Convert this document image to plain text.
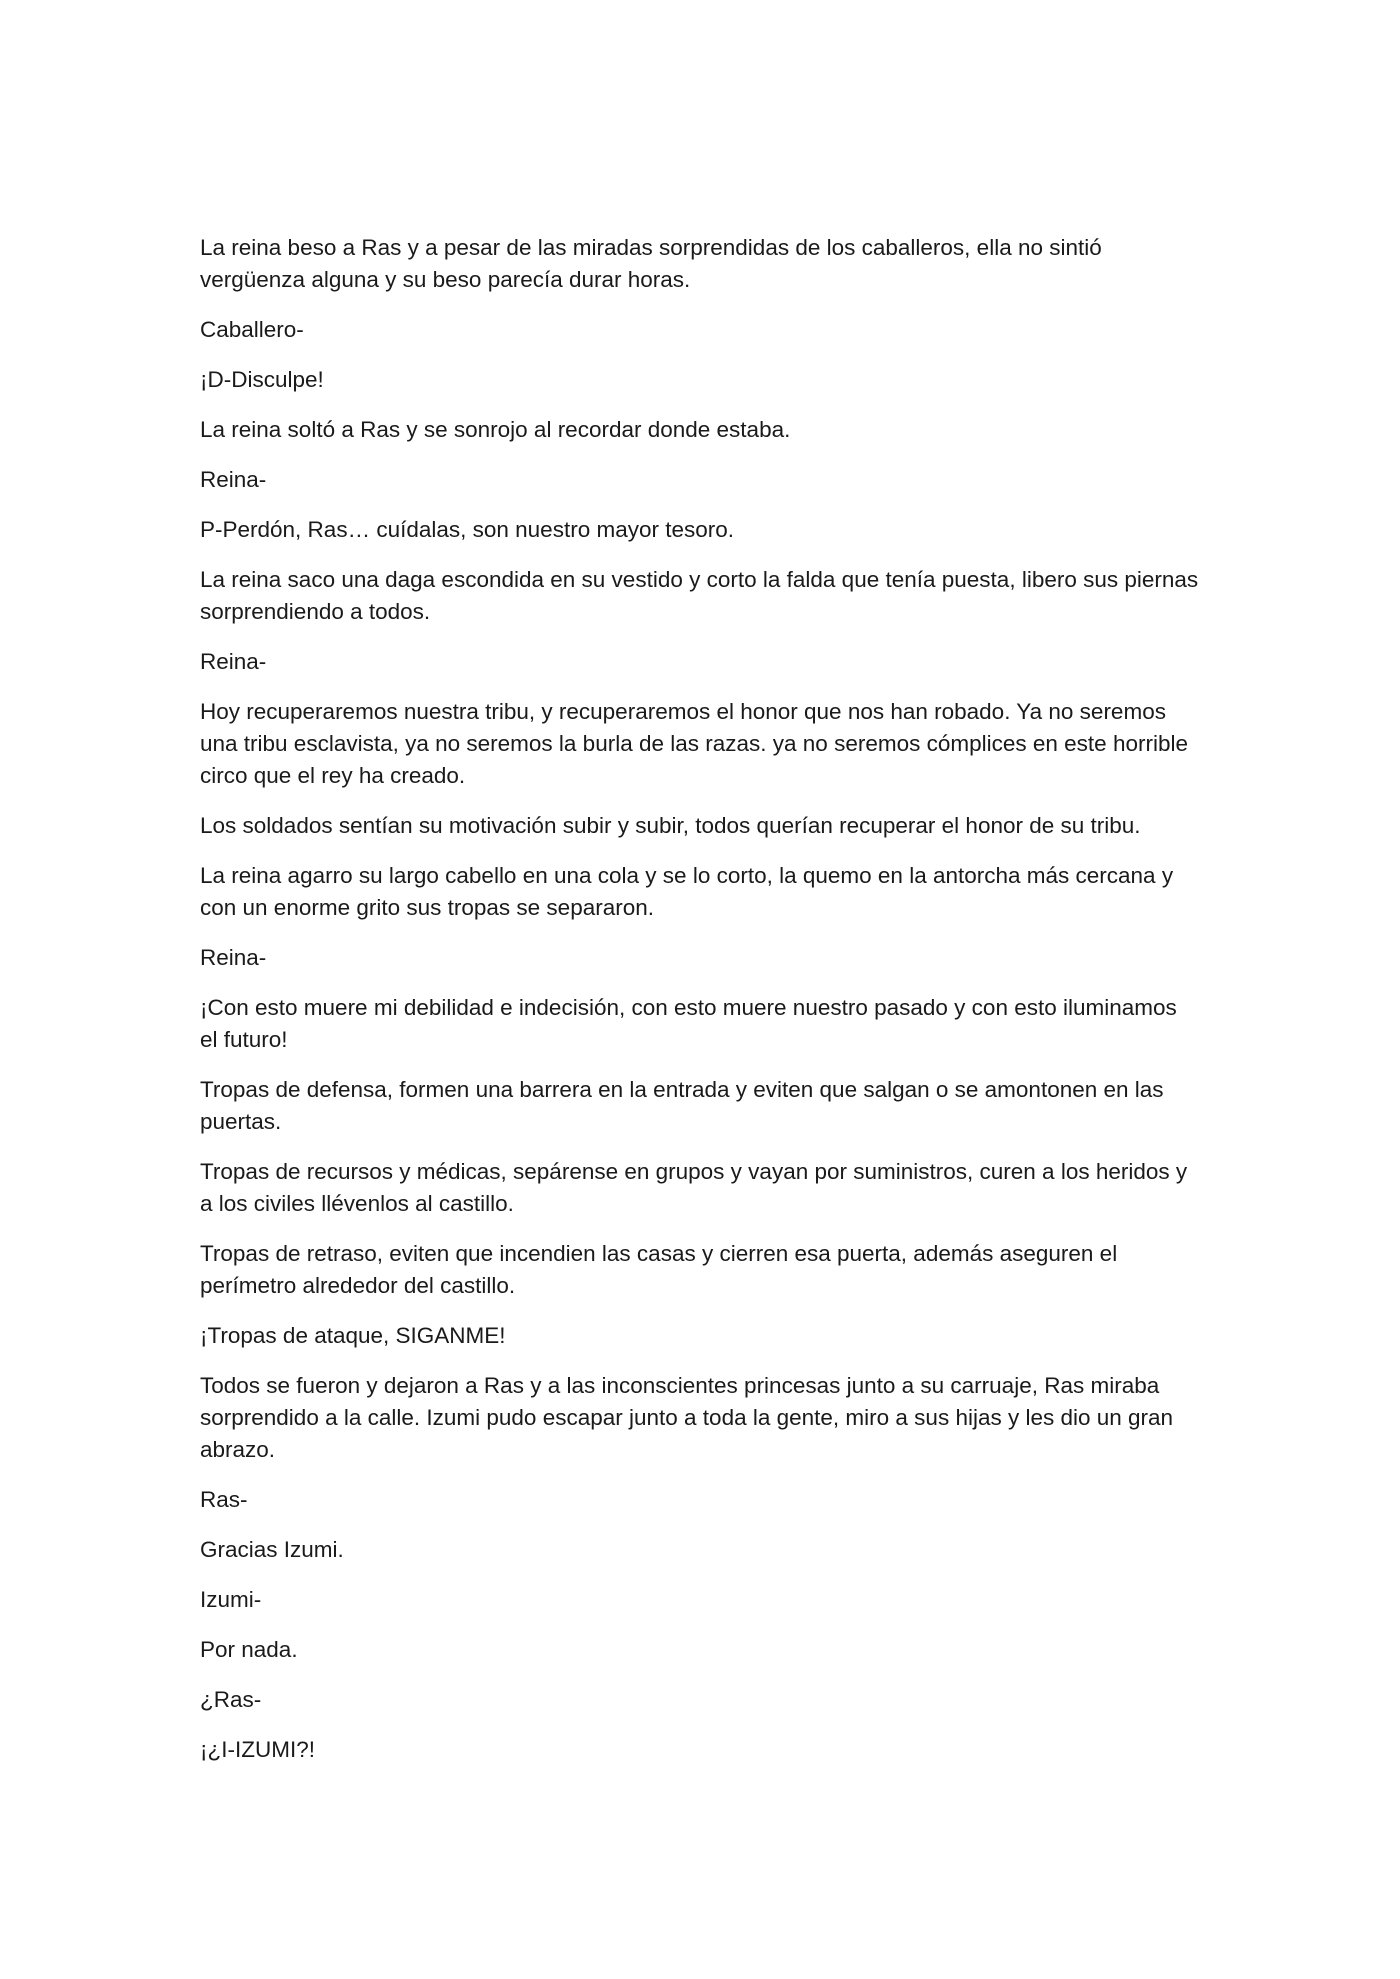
La reina beso a Ras y a pesar de las miradas sorprendidas de los caballeros, ella no sintió vergüenza alguna y su beso parecía durar horas.

Caballero-

¡D-Disculpe!

La reina soltó a Ras y se sonrojo al recordar donde estaba.

Reina-

P-Perdón, Ras… cuídalas, son nuestro mayor tesoro.

La reina saco una daga escondida en su vestido y corto la falda que tenía puesta, libero sus piernas sorprendiendo a todos.

Reina-

Hoy recuperaremos nuestra tribu, y recuperaremos el honor que nos han robado. Ya no seremos una tribu esclavista, ya no seremos la burla de las razas. ya no seremos cómplices en este horrible circo que el rey ha creado.

Los soldados sentían su motivación subir y subir, todos querían recuperar el honor de su tribu.

La reina agarro su largo cabello en una cola y se lo corto, la quemo en la antorcha más cercana y con un enorme grito sus tropas se separaron.

Reina-

¡Con esto muere mi debilidad e indecisión, con esto muere nuestro pasado y con esto iluminamos el futuro!

Tropas de defensa, formen una barrera en la entrada y eviten que salgan o se amontonen en las puertas.

Tropas de recursos y médicas, sepárense en grupos y vayan por suministros, curen a los heridos y a los civiles llévenlos al castillo.

Tropas de retraso, eviten que incendien las casas y cierren esa puerta, además aseguren el perímetro alrededor del castillo.

¡Tropas de ataque, SIGANME!

Todos se fueron y dejaron a Ras y a las inconscientes princesas junto a su carruaje, Ras miraba sorprendido a la calle. Izumi pudo escapar junto a toda la gente, miro a sus hijas y les dio un gran abrazo.

Ras-

Gracias Izumi.

Izumi-

Por nada.

¿Ras-

¡¿I-IZUMI?!
